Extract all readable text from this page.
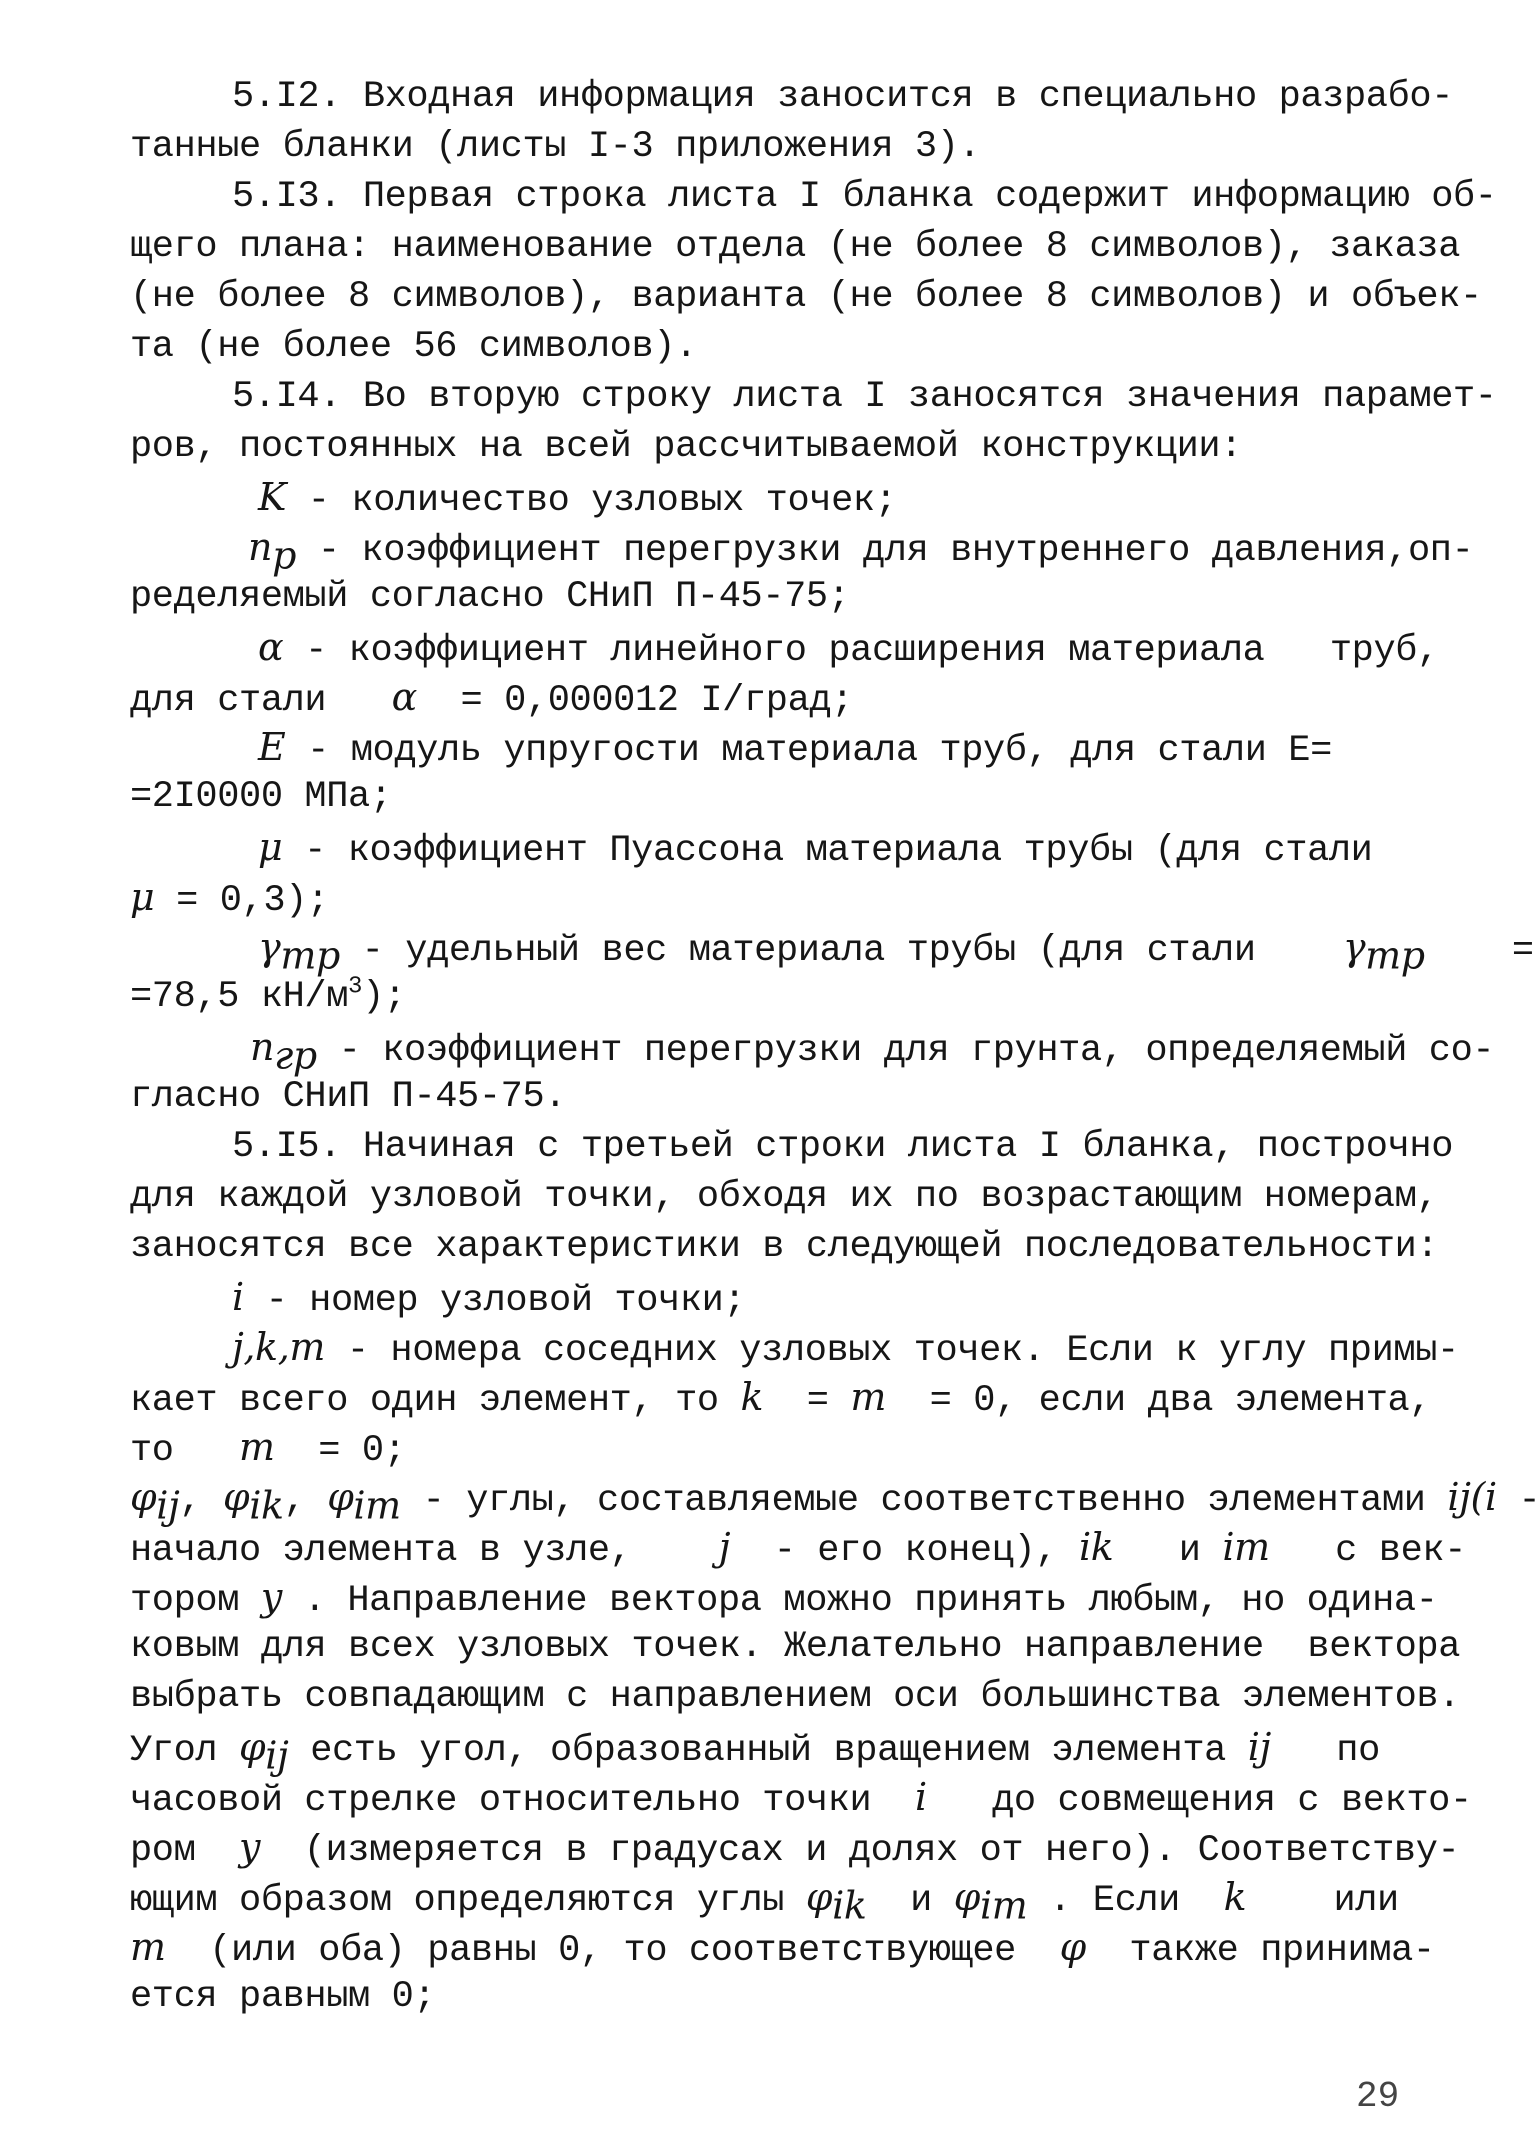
5.I2. Входная информация заносится в специально разрабо-
танные бланки (листы I-3 приложения 3).
5.I3. Первая строка листа I бланка содержит информацию об-
щего плана: наименование отдела (не более 8 символов), заказа
(не более 8 символов), варианта (не более 8 символов) и объек-
та (не более 56 символов).
5.I4. Во вторую строку листа I заносятся значения парамет-
ров, постоянных на всей рассчитываемой конструкции:
K - количество узловых точек;
$n_p$ - коэффициент перегрузки для внутреннего давления,оп-
ределяемый согласно СНиП П-45-75;
α - коэффициент линейного расширения материала   труб,
для стали   α  = 0,000012 I/град;
E - модуль упругости материала труб, для стали E=
=2I0000 МПа;
μ - коэффициент Пуассона материала трубы (для стали
μ = 0,3);
$\gamma_{тр}$ - удельный вес материала трубы (для стали    $\gamma_{тр}$    =
=78,5 $кН/м^3$);
$n_{гр}$ - коэффициент перегрузки для грунта, определяемый со-
гласно СНиП П-45-75.
5.I5. Начиная с третьей строки листа I бланка, построчно
для каждой узловой точки, обходя их по возрастающим номерам,
заносятся все характеристики в следующей последовательности:
i - номер узловой точки;
j,k,m - номера соседних узловых точек. Если к углу примы-
кает всего один элемент, то k  = m  = 0, если два элемента,
то   m  = 0;
$\varphi_{ij}$, $\varphi_{ik}$, $\varphi_{im}$ - углы, составляемые соответственно элементами ij(i -
начало элемента в узле,    j  - его конец), ik   и im   с век-
тором y . Направление вектора можно принять любым, но одина-
ковым для всех узловых точек. Желательно направление  вектора
выбрать совпадающим с направлением оси большинства элементов.
Угол $\varphi_{ij}$ есть угол, образованный вращением элемента ij   по
часовой стрелке относительно точки  i   до совмещения с векто-
ром  y  (измеряется в градусах и долях от него). Соответству-
ющим образом определяются углы $\varphi_{ik}$  и $\varphi_{im}$ . Если  k    или
m  (или оба) равны 0, то соответствующее  φ  также принима-
ется равным 0;
29
